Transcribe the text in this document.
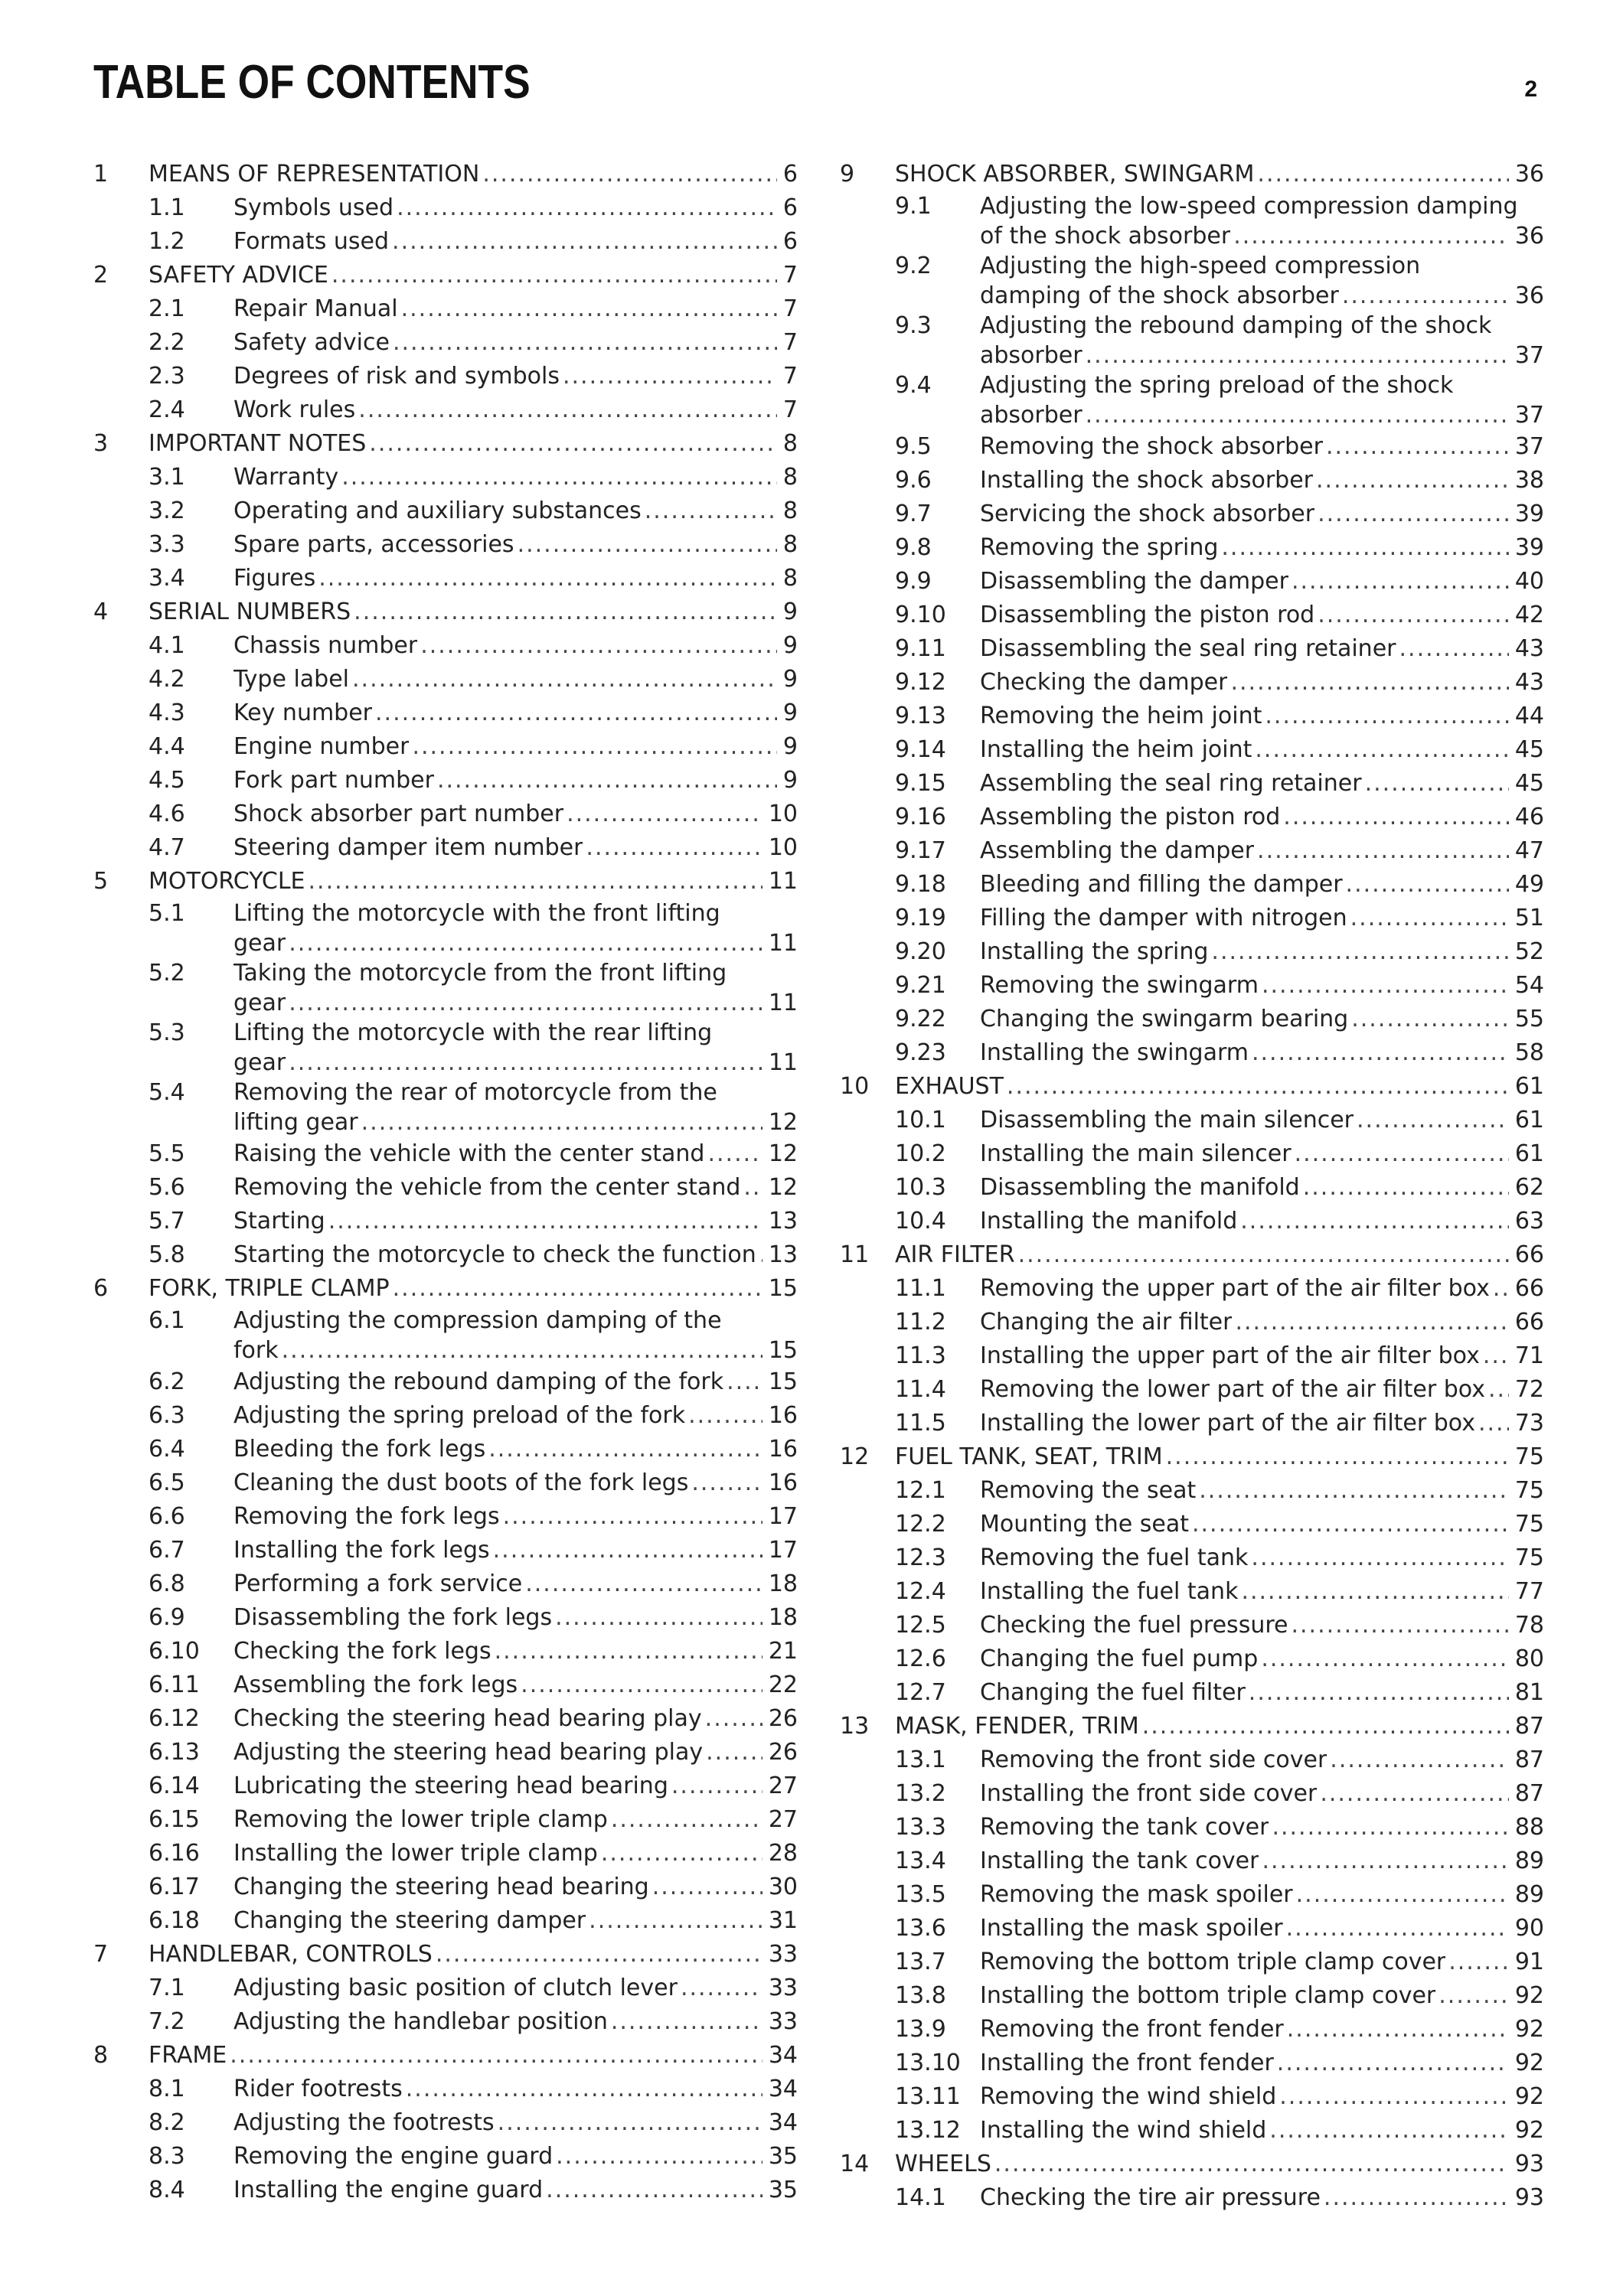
TABLE OF CONTENTS	2
1	MEANS OF REPRESENTATION .....	6
1.1	Symbols used .....	6
1.2	Formats used .....	6
2	SAFETY ADVICE .....	7
2.1	Repair Manual .....	7
2.2	Safety advice .....	7
2.3	Degrees of risk and symbols .....	7
2.4	Work rules .....	7
3	IMPORTANT NOTES .....	8
3.1	Warranty .....	8
3.2	Operating and auxiliary substances .....	8
3.3	Spare parts, accessories .....	8
3.4	Figures .....	8
4	SERIAL NUMBERS .....	9
4.1	Chassis number .....	9
4.2	Type label .....	9
4.3	Key number .....	9
4.4	Engine number .....	9
4.5	Fork part number .....	9
4.6	Shock absorber part number .....	10
4.7	Steering damper item number .....	10
5	MOTORCYCLE .....	11
5.1	Lifting the motorcycle with the front lifting
gear .....	11
5.2	Taking the motorcycle from the front lifting
gear .....	11
5.3	Lifting the motorcycle with the rear lifting
gear .....	11
5.4	Removing the rear of motorcycle from the
lifting gear .....	12
5.5	Raising the vehicle with the center stand .....	12
5.6	Removing the vehicle from the center stand ..... 12
5.7	Starting .....	13
5.8	Starting the motorcycle to check the function ..... 13
6	FORK, TRIPLE CLAMP .....	15
6.1	Adjusting the compression damping of the
fork .....	15
6.2	Adjusting the rebound damping of the fork ..... 15
6.3	Adjusting the spring preload of the fork .....	16
6.4	Bleeding the fork legs .....	16
6.5	Cleaning the dust boots of the fork legs .....	16
6.6	Removing the fork legs .....	17
6.7	Installing the fork legs .....	17
6.8	Performing a fork service .....	18
6.9	Disassembling the fork legs .....	18
6.10	Checking the fork legs .....	21
6.11	Assembling the fork legs .....	22
6.12	Checking the steering head bearing play .....	26
6.13	Adjusting the steering head bearing play .....	26
6.14	Lubricating the steering head bearing .....	27
6.15	Removing the lower triple clamp .....	27
6.16	Installing the lower triple clamp .....	28
6.17	Changing the steering head bearing .....	30
6.18	Changing the steering damper .....	31
7	HANDLEBAR, CONTROLS .....	33
7.1	Adjusting basic position of clutch lever .....	33
7.2	Adjusting the handlebar position .....	33
8	FRAME .....	34
8.1	Rider footrests .....	34
8.2	Adjusting the footrests .....	34
8.3	Removing the engine guard .....	35
8.4	Installing the engine guard .....	35
9	SHOCK ABSORBER, SWINGARM .....	36
9.1	Adjusting the low-speed compression damping
of the shock absorber .....	36
9.2	Adjusting the high-speed compression
damping of the shock absorber .....	36
9.3	Adjusting the rebound damping of the shock
absorber .....	37
9.4	Adjusting the spring preload of the shock
absorber .....	37
9.5	Removing the shock absorber .....	37
9.6	Installing the shock absorber .....	38
9.7	Servicing the shock absorber .....	39
9.8	Removing the spring .....	39
9.9	Disassembling the damper .....	40
9.10	Disassembling the piston rod .....	42
9.11	Disassembling the seal ring retainer .....	43
9.12	Checking the damper .....	43
9.13	Removing the heim joint .....	44
9.14	Installing the heim joint .....	45
9.15	Assembling the seal ring retainer .....	45
9.16	Assembling the piston rod .....	46
9.17	Assembling the damper .....	47
9.18	Bleeding and filling the damper .....	49
9.19	Filling the damper with nitrogen .....	51
9.20	Installing the spring .....	52
9.21	Removing the swingarm .....	54
9.22	Changing the swingarm bearing .....	55
9.23	Installing the swingarm .....	58
10	EXHAUST .....	61
10.1	Disassembling the main silencer .....	61
10.2	Installing the main silencer .....	61
10.3	Disassembling the manifold .....	62
10.4	Installing the manifold .....	63
11	AIR FILTER .....	66
11.1	Removing the upper part of the air filter box ..... 66
11.2	Changing the air filter .....	66
11.3	Installing the upper part of the air filter box ..... 71
11.4	Removing the lower part of the air filter box ..... 72
11.5	Installing the lower part of the air filter box ..... 73
12	FUEL TANK, SEAT, TRIM .....	75
12.1	Removing the seat .....	75
12.2	Mounting the seat .....	75
12.3	Removing the fuel tank .....	75
12.4	Installing the fuel tank .....	77
12.5	Checking the fuel pressure .....	78
12.6	Changing the fuel pump .....	80
12.7	Changing the fuel filter .....	81
13	MASK, FENDER, TRIM .....	87
13.1	Removing the front side cover .....	87
13.2	Installing the front side cover .....	87
13.3	Removing the tank cover .....	88
13.4	Installing the tank cover .....	89
13.5	Removing the mask spoiler .....	89
13.6	Installing the mask spoiler .....	90
13.7	Removing the bottom triple clamp cover .....	91
13.8	Installing the bottom triple clamp cover .....	92
13.9	Removing the front fender .....	92
13.10 Installing the front fender .....	92
13.11 Removing the wind shield .....	92
13.12 Installing the wind shield .....	92
14	WHEELS .....	93
14.1	Checking the tire air pressure .....	93
